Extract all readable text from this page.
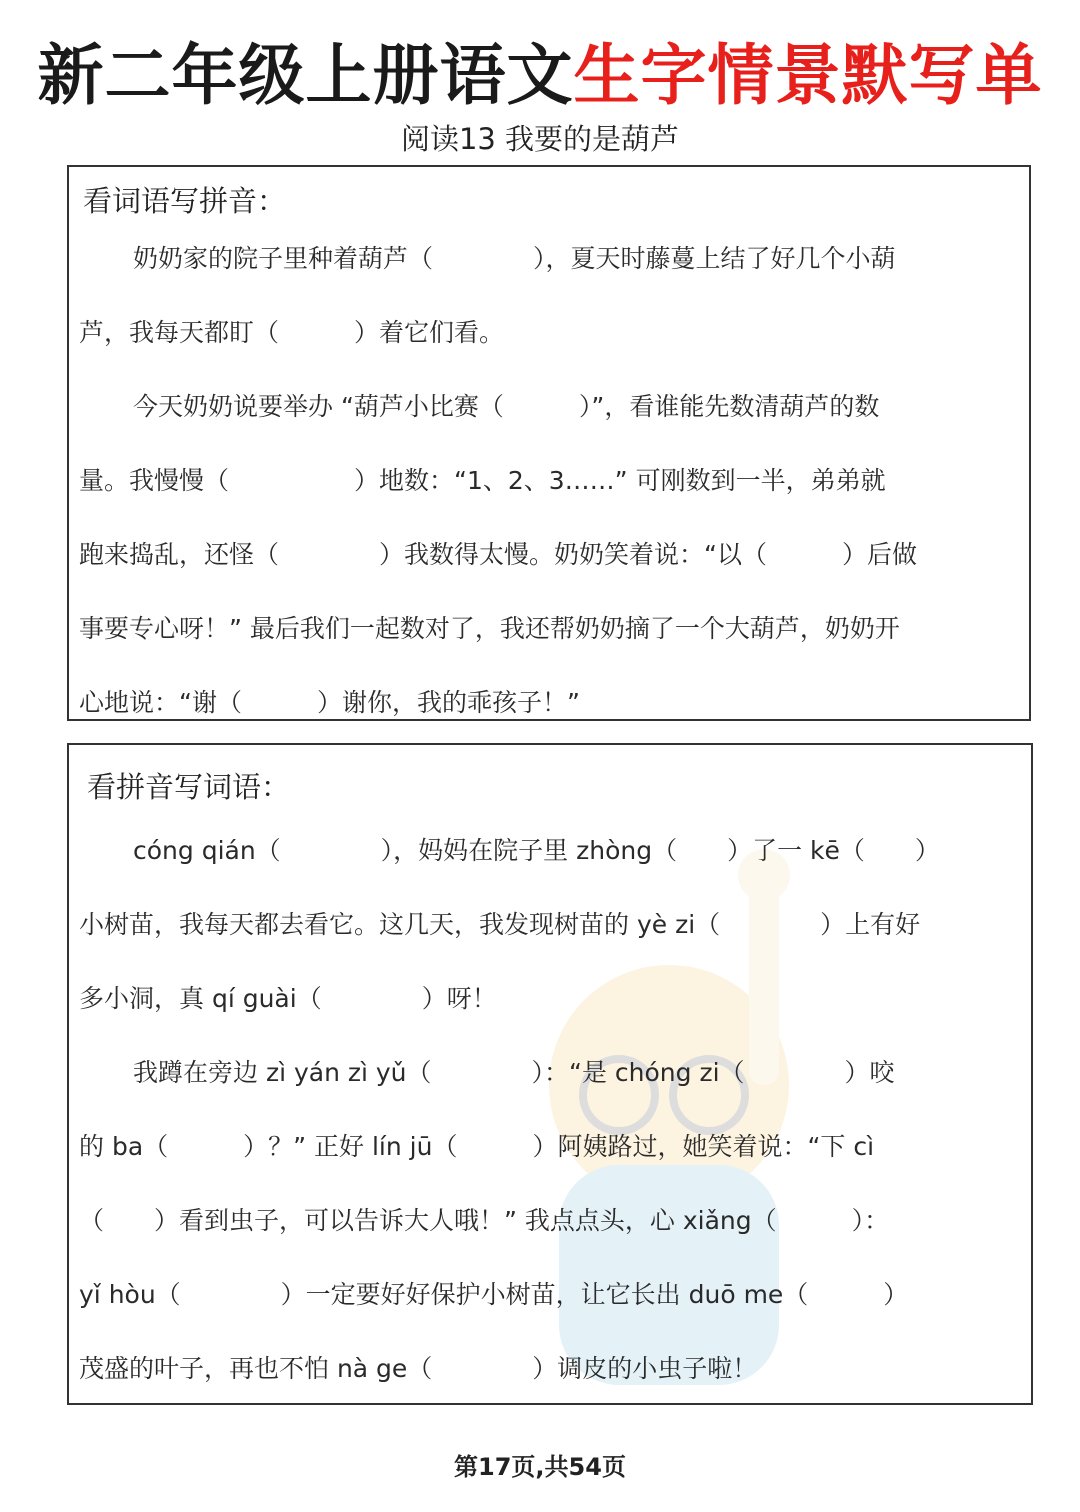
新二年级上册语文生字情景默写单
阅读13 我要的是葫芦
看词语写拼音：
奶奶家的院子里种着葫芦（　　　　），夏天时藤蔓上结了好几个小葫
芦，我每天都盯（　　　）着它们看。
今天奶奶说要举办 “葫芦小比赛（　　　）”，看谁能先数清葫芦的数
量。我慢慢（　　　　　）地数：“1、2、3……” 可刚数到一半，弟弟就
跑来捣乱，还怪（　　　　）我数得太慢。奶奶笑着说：“以（　　　）后做
事要专心呀！” 最后我们一起数对了，我还帮奶奶摘了一个大葫芦，奶奶开
心地说：“谢（　　　）谢你，我的乖孩子！”
看拼音写词语：
cóng qián（　　　　），妈妈在院子里 zhòng（　　）了一 kē（　　）
小树苗，我每天都去看它。这几天，我发现树苗的 yè zi（　　　　）上有好
多小洞，真 qí guài（　　　　）呀！
我蹲在旁边 zì yán zì yǔ（　　　　）：“是 chóng zi（　　　　）咬
的 ba（　　　）？” 正好 lín jū（　　　）阿姨路过，她笑着说：“下 cì
（　　）看到虫子，可以告诉大人哦！” 我点点头，心 xiǎng（　　　）：
yǐ hòu（　　　　）一定要好好保护小树苗，让它长出 duō me（　　　）
茂盛的叶子，再也不怕 nà ge（　　　　）调皮的小虫子啦！
第17页,共54页
